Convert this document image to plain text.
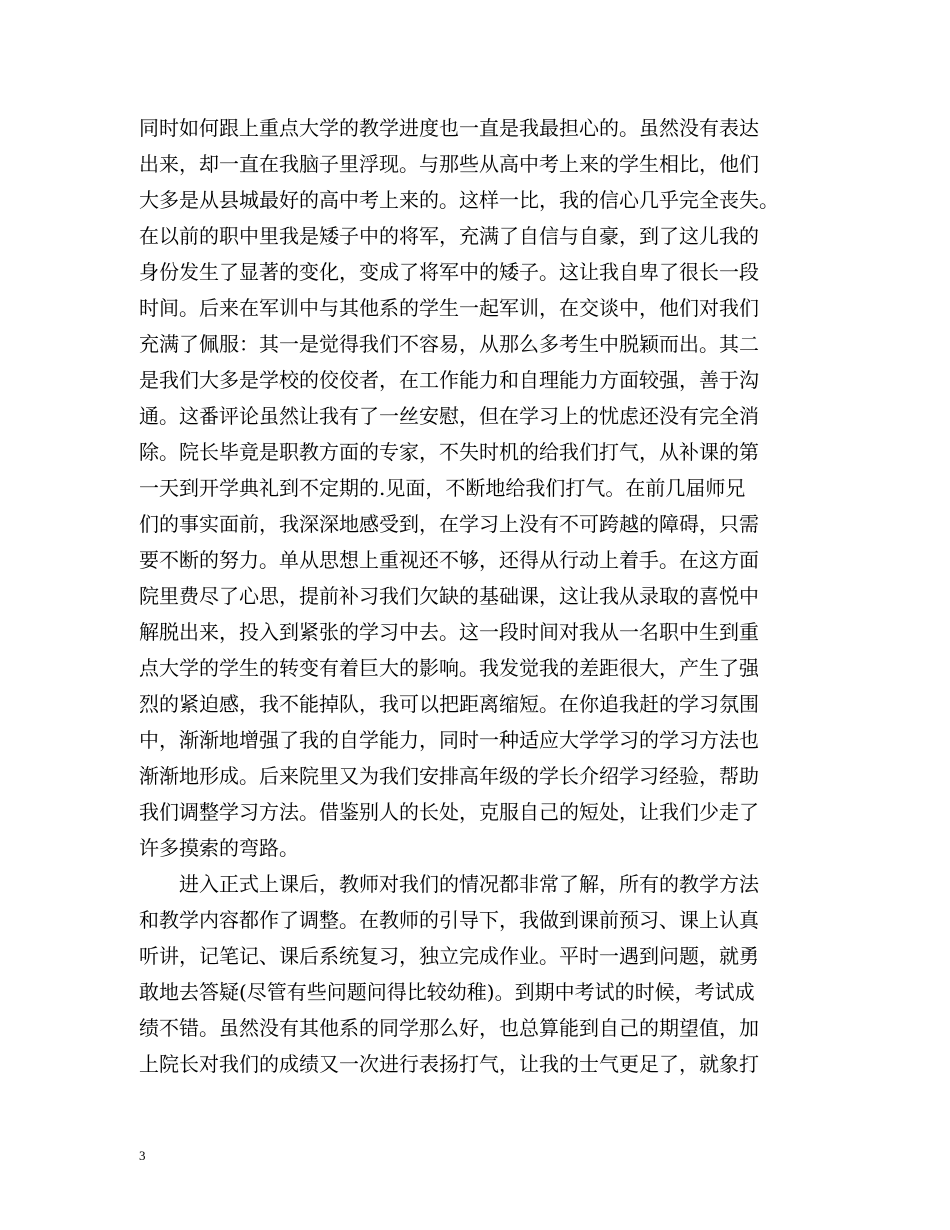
同时如何跟上重点大学的教学进度也一直是我最担心的。虽然没有表达
出来，却一直在我脑子里浮现。与那些从高中考上来的学生相比，他们
大多是从县城最好的高中考上来的。这样一比，我的信心几乎完全丧失。
在以前的职中里我是矮子中的将军，充满了自信与自豪，到了这儿我的
身份发生了显著的变化，变成了将军中的矮子。这让我自卑了很长一段
时间。后来在军训中与其他系的学生一起军训，在交谈中，他们对我们
充满了佩服：其一是觉得我们不容易，从那么多考生中脱颖而出。其二
是我们大多是学校的佼佼者，在工作能力和自理能力方面较强，善于沟
通。这番评论虽然让我有了一丝安慰，但在学习上的忧虑还没有完全消
除。院长毕竟是职教方面的专家，不失时机的给我们打气，从补课的第
一天到开学典礼到不定期的.见面，不断地给我们打气。在前几届师兄
们的事实面前，我深深地感受到，在学习上没有不可跨越的障碍，只需
要不断的努力。单从思想上重视还不够，还得从行动上着手。在这方面
院里费尽了心思，提前补习我们欠缺的基础课，这让我从录取的喜悦中
解脱出来，投入到紧张的学习中去。这一段时间对我从一名职中生到重
点大学的学生的转变有着巨大的影响。我发觉我的差距很大，产生了强
烈的紧迫感，我不能掉队，我可以把距离缩短。在你追我赶的学习氛围
中，渐渐地增强了我的自学能力，同时一种适应大学学习的学习方法也
渐渐地形成。后来院里又为我们安排高年级的学长介绍学习经验，帮助
我们调整学习方法。借鉴别人的长处，克服自己的短处，让我们少走了
许多摸索的弯路。
　　进入正式上课后，教师对我们的情况都非常了解，所有的教学方法
和教学内容都作了调整。在教师的引导下，我做到课前预习、课上认真
听讲，记笔记、课后系统复习，独立完成作业。平时一遇到问题，就勇
敢地去答疑(尽管有些问题问得比较幼稚)。到期中考试的时候，考试成
绩不错。虽然没有其他系的同学那么好，也总算能到自己的期望值，加
上院长对我们的成绩又一次进行表扬打气，让我的士气更足了，就象打
3
